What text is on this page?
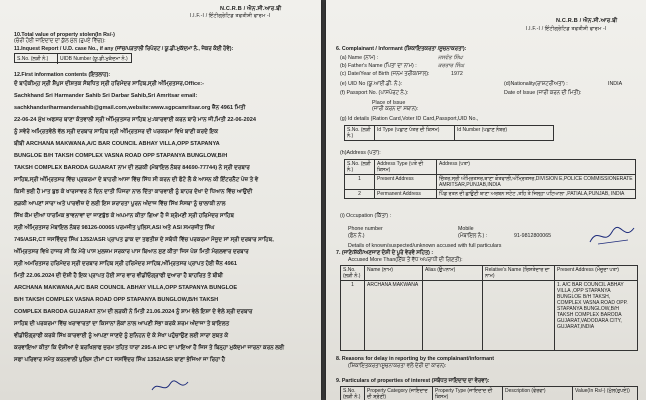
N.C.R.B / ਐਨ.ਸੀ.ਆਰ.ਬੀ
I.I.F.-I / ਇੰਟੀਗ੍ਰੇਟਿਡ ਤਫਤੀਸ਼ੀ ਫਾਰਮ -I
10.Total value of property stolen(In Rs/-)
(ਚੋਰੀ ਹੋਈ ਜਾਇਦਾਦ ਦਾ ਕੁੱਲ ਮੁੱਲ (ਰੁਪਏ ਵਿੱਚ)):
11.Inquest Report / U.D. case No., if any (ਜਾਂਚ/ਪੜਤਾਲੀ ਰਿਪੋਰਟ / ਯੂ.ਡੀ.ਮੁਕੱਦਮਾ ਨੰ., ਜੇਕਰ ਕੋਈ ਹੋਵੇ):
S.No. (ਲੜੀ ਨੰ.) UIDB Number (ਯੂ.ਡੀ.ਮੁਕੱਦਮਾ ਨੰ.)
12.First information contents (ਇਤਲਾਹ):
ਦੋ ਬਾਹੋਕੀਮ੍ਹ ਸ੍ਰੀ ਸ਼ੈਪੁਸ ਦੀਸ਼ਤਕ ਸੰਬਧਿਤ ਸ੍ਰੀ ਹਰਿਮੰਦਰ ਸਾਹਿਬ,ਸ੍ਰੀ ਅੰਮ੍ਰਿਤਸਰ,Office:-
Sachkhand Sri Harmander Sahib Sri Darbar Sahib,Sri Amritsar email:
sachkhandsriharmandersahib@gmail.com,website:www.sgpcamritsar.org ਜ਼ੈਨ 4961 ਮਿਤੀ
22-06-24 ਮੁੱਖ ਅਫਸਰ ਥਾਣਾ ਕੋਤਵਾਲੀ ਸ੍ਰੀ ਅੰਮ੍ਰਿਤਸਰ ਸਾਹਿਬ ਮੁ:/ਕਾਰਵਾਈ ਕਰਨ ਬਾਰੇ ਮਾਨ ਜੀ,ਮਿਤੀ 22-06-2024
ਨੂੰ ਸਵੇਰੇ ਅਮ੍ਰਿਤਵੇਲੇ ਵੱਲ ਸ੍ਰੀ ਦਰਬਾਰ ਸਾਹਿਬ ਸ੍ਰੀ ਅੰਮ੍ਰਿਤਸਰ ਦੀ ਪਰਕਰਮਾ ਵਿਖੇ ਬਾਣੀ ਕਰਦੇ ਇਕ
ਬੀਬੀ ARCHANA MAKWANA,A/C BAR COUNCIL ABHAY VILLA,OPP STAPANYA
BUNGLOE B/H TAKSH COMPLEX VASNA ROAD OPP STAPANYA BUNGLOW,B/H
TAKSH COMPLEX BARODA GUJARAT ਨਾਮ ਦੀ ਲੜਕੀ (ਮੋਬਾਇਲ ਨੰਬਰ 84690-77744) ਨੇ ਸ੍ਰੀ ਦਰਬਾਰ
ਸਾਹਿਬ,ਸ੍ਰੀ ਅੰਮ੍ਰਿਤਸਰ ਵਿੱਚ ਪ੍ਰਕਰਮਾ ਦੇ ਬਾਹਰੀ ਆਸਾ ਵਿੱਚ ਸਿੱਧ ਸੀ ਕਰਨ ਦੀ ਫੋਟੋ ਲੈ ਕੇ ਆਸਨ ਕੀ ਇੰਟਰਨੈਟ ਪੇਜ਼ ਤੇ ਵੇ
ਕਿਸੀ ਭਈ ਹੈ ਮਾਤ ਬੁਝ ਕੇ ਖਾਰਸਾਵਰ ਨੇ ਦਿਨ ਦਾਤੀ ਪਿੰਜਰਾ ਨਾਲ ਦਿੱਤਾ ਕਾਰਵਾਈ ਨੂੰ ਬਾਹਰ ਦੇਖਾ ਦੇ ਧਿਆਨ ਵਿੱਚ ਆਉਂਦੀ
ਲੜਕੀ ਆਪਣਾਂ ਸਾਰਾ ਅਤੇ ਪਾਰਵੀਜ਼ ਦੇ ਲਈ ਇਸ ਸ਼ਰਾਰਤਾ ਪੂਰਨ ਅੰਦਾਜ ਵਿੱਚ ਸਿੱਖ ਸੰਸਥਾ ਨੂੰ ਚਾਲਾਕੀ ਨਾਲ
ਸਿੱਖ ਕੌਮ ਦੀਆਂ ਧਾਰਮਿਕ ਭਾਵਨਾਵਾਂ ਦਾ ਜਾਣਬੁੱਝ ਕੇ ਅਪਮਾਨ ਕੀਤਾ ਗਿਆ ਹੈ ਜੋ ਸ਼੍ਰੋਮਣੀ ਸ੍ਰੀ ਹਰਿਮੰਦਰ ਸਾਹਿਬ
ਸ੍ਰੀ ਅੰਮ੍ਰਿਤਸਰ ਮੋਬਾਇਲ ਨੰਬਰ 98126-00065 ਪਰਮਜੀਤ ਪੁਲਿਸ,ASI ਅਤੇ ASI ਸਮਰਜੀਤ ਸਿੰਘ
745/ASR,CT ਜਸਵਿੰਦਰ ਸਿੰਘ 1352/ASR ਪ੍ਰਾਪਤ ਡਾਕ ਦਾ ਤਫਤੀਸ਼ ਦੇ ਸਬੰਧੀ ਵਿੱਚ ਪਰਕਰਮਾ ਮੌਜੂਦ ਸਾਂ ਸ੍ਰੀ ਦਰਬਾਰ ਸਾਹਿਬ,
ਅੰਮ੍ਰਿਤਸਰ ਵਿਖੇ ਹਾਜਰ ਸੀ ਕਿ ਮੇਰੇ ਪਾਸ ਮੁਲਜ਼ਮ ਸਰਕਾਰ ਪਾਸ ਬਿਆਨ ਸੁਣ ਕੀਤਾ ਜਿਸ ਪੇਸ਼ ਮਿਤੀ ਮੰਗਲਵਾਰ ਦਰਬਾਰ
ਸ੍ਰੀ ਅਮਰਿਤਸਰ ਹਰਿਮੰਦਰ ਸ੍ਰੀ ਦਰਬਾਰ ਸਾਹਿਬ ਸ੍ਰੀ ਹਰਿਮੰਦਰ ਸਾਹਿਬ,ਅੰਮ੍ਰਿਤਸਰ ਪ੍ਰਾਪਤ ਹੋਈ ਜ਼ੈਨ 4961
ਮਿਤੀ 22.06.2024 ਦੀ ਦੋਸ਼ੀ ਹੈ ਇਕ ਪ੍ਰਾਪਤ ਹੋਈ ਸਾਰ ਵਾਰ ਵੀਡੀਓਗ੍ਰਾਫੀ ਦੁਆਰਾ ਹੈ ਬਾਹਰਿਤ ਤੋਂ ਬੀਬੀ
ARCHANA MAKWANA,A/C BAR COUNCIL ABHAY VILLA,OPP STAPANYA BUNGLOE
B/H TAKSH COMPLEX VASNA ROAD OPP STAPANYA BUNGLOW,B/H TAKSH
COMPLEX BARODA GUJARAT ਨਾਮ ਦੀ ਲੜਕੀ ਨੇ ਮਿਤੀ 21.06.2024 ਨੂੰ ਸ਼ਾਮ ਵੇਲੇ ਇਸ਼ਾ ਦੇ ਵੇਲੇ ਸ਼੍ਰੀ ਦਰਬਾਰ
ਸਾਹਿਬ ਦੀ ਪਰਕਰਮਾ ਵਿੱਚ ਖਰਾਵਾਰਤਾਂ ਦਾ ਕਿਸਾਨਾਂ ਲੋਕਾਂ ਨਾਲ ਆਪਣੀ ਸੱਭਾ ਕਰਕੇ ਸ਼ਰਮ ਅੰਦਾਜਾ ਤੇ ਬਾਇਲਤ
ਵੀਡੀਓਗ੍ਰਾਫੀ ਕਰਕੇ ਸਿੱਖ ਕਾਰਵਾਈ ਨੂੰ ਆਪਣਾ ਜਾਣਦੇ ਨੂੰ ਸੁਨਿਹਨ ਦੇ ਕੇ ਸੇਖਾ ਪਹੁੰਚਾਉਣ ਲਈ ਸਾਰਾ ਸੁਬਤ ਕੇ
ਕਰਵਾਇਆ ਕੀਤਾ ਕਿ ਦੋਸ਼ੀਆਂ ਦੇ ਬਰਖਿਲਾਫ ਜੁਰਮ ਤਹਿਤ ਧਾਰਾ 295-A IPC ਦਾ ਪਾਇਆ ਹੈ ਜਿਸ ਤੇ ਬਿਨ੍ਹਾ ਮੁਕੱਦਮਾ ਜਾਰਨਾ ਕਰਨ ਲਈ
ਸਫਾ ਪਰਿਵਾਰ ਸਮੇਤ ਕਰਨਵਾਲੀ ਪੁਲਿਸ ਟੀਮਾਂ CT ਜਸਵਿੰਦਰ ਸਿੰਘ 1352/ASR ਥਾਣਾ ਭੇਜਿਆ ਜਾ ਰਿਹਾ ਹੈ
N.C.R.B / ਐਨ.ਸੀ.ਆਰ.ਬੀ
I.I.F.-I / ਇੰਟੀਗ੍ਰੇਟਿਡ ਤਫਤੀਸ਼ੀ ਫਾਰਮ -I
6. Complainant / Informant (ਸ਼ਿਕਾਇਤਕਰਤਾ /ਸੂਚਨਾਕਰਤਾ):
(a) Name (ਨਾਮ) :	ਜਸਵੰਤ ਸਿੰਘ
(b) Father's Name (ਪਿਤਾ ਦਾ ਨਾਮ) :	ਕਰਤਾਰ ਸਿੰਘ
(c) Date/Year of Birth (ਜਨਮ ਤਰੀਕ/ਸਾਲ):	1972
(e) UID No (ਯੂ.ਆਈ.ਡੀ. ਨੰ.):	(d)Nationality(ਰਾਸ਼ਟਰੀਅਤਾ) :	INDIA
(f) Passport No. (ਪਾਸਪੋਰਟ ਨੰ.):	Date of Issue (ਜਾਰੀ ਕਰਨ ਦੀ ਮਿਤੀ):
Place of Issue
(ਜਾਰੀ ਕਰਨ ਦਾ ਸਥਾਨ):
(g) Id details (Ration Card,Voter ID Card,Passport,UID No.,
S.No. (ਲੜੀ ਨੰ.)	Id Type (ਪਛਾਣ ਪੱਤਰ ਦੀ ਕਿਸਮ)	Id Number (ਪਛਾਣ ਨੰਬਰ)
(h)Address (ਪਤਾ):
S.No. (ਲੜੀ ਨੰ.)	Address Type (ਪਤੇ ਦੀ ਕਿਸਮ)	Address (ਪਤਾ)
1	Present Address	ਚਿੱਤਰ,ਸ੍ਰੀ ਅੰਮ੍ਰਿਤਸਰ,ਥਾਣਾ ਕੋਤਵਾਲੀ,ਅੰਮ੍ਰਿਤਸਰ,DIVISION E,POLICE COMMISSIONERATE AMRITSAR,PUNJAB,INDIA
2	Permanent Address	ਪਿੰਡ ਰਤਨ ਦੀ ਛਾਉਣੀ ਥਾਣਾ ਅਰਬਨ ਸਟੇਟ ,ਤਹਿ ਤੇ ਜਿਲ੍ਹਾ ਪਟਿਆਲਾ ,PATIALA,PUNJAB, INDIA
(i) Occupation (ਕਿੱਤਾ) :
Phone number
(ਫੋਨ ਨੰ.)
Mobile
(ਮੋਬਾਇਲ ਨੰ.) :	91-9812800065
Details of known/suspected/unknown accused with full particulars
7. (ਜਾਣੇ/ਸ਼ੱਕੀ/ਅਣਜਾਣ ਦੋਸ਼ੀ ਦੇ ਪੂਰੇ ਵੇਰਵੇ ਸਹਿਤ) :
Accused More Than(ਇੱਕ ਤੋਂ ਵੱਧ ਅਪਰਾਧੀ ਦੀ ਗਿਣਤੀ):
S.No. (ਲੜੀ ਨੰ.)	Name (ਨਾਮ)	Alias (ਉਪਨਾਮ)	Relative's Name (ਰਿਸ਼ਤੇਦਾਰ ਦਾ ਨਾਮ)	Present Address (ਮੌਜੂਦਾ ਪਤਾ)
1	ARCHANA MAKWANA			1. A/C BAR COUNCIL ABHAY VILLA ,OPP STAPANYA BUNGLOE B/H TAKSH, COMPLEX VASNA ROAD OPP. STAPANYA BUNGLOW,B/H TAKSH COMPLEX BARODA GUJARAT,VADODARA CITY, GUJARAT,INDIA
8. Reasons for delay in reporting by the complainant/informant
(ਸ਼ਿਕਾਇਤਕਰਤਾ/ਸੂਚਨਾਕਰਤਾ ਵਲੋਂ ਦੇਰੀ ਦਾ ਕਾਰਨ):
9. Particulars of properties of interest (ਸਬੰਧਤ ਜਾਇਦਾਦ ਦਾ ਵੇਰਵਾ):
S.No. (ਲੜੀ ਨੰ.)	Property Category (ਜਾਇਦਾਦ ਦੀ ਸ਼੍ਰੇਣੀ)	Property Type (ਜਾਇਦਾਦ ਦੀ ਕਿਸਮ)	Description (ਵੇਰਵਾ)	Value(In Rs/-) (ਮੁੱਲ(ਰੁਪਏ))
